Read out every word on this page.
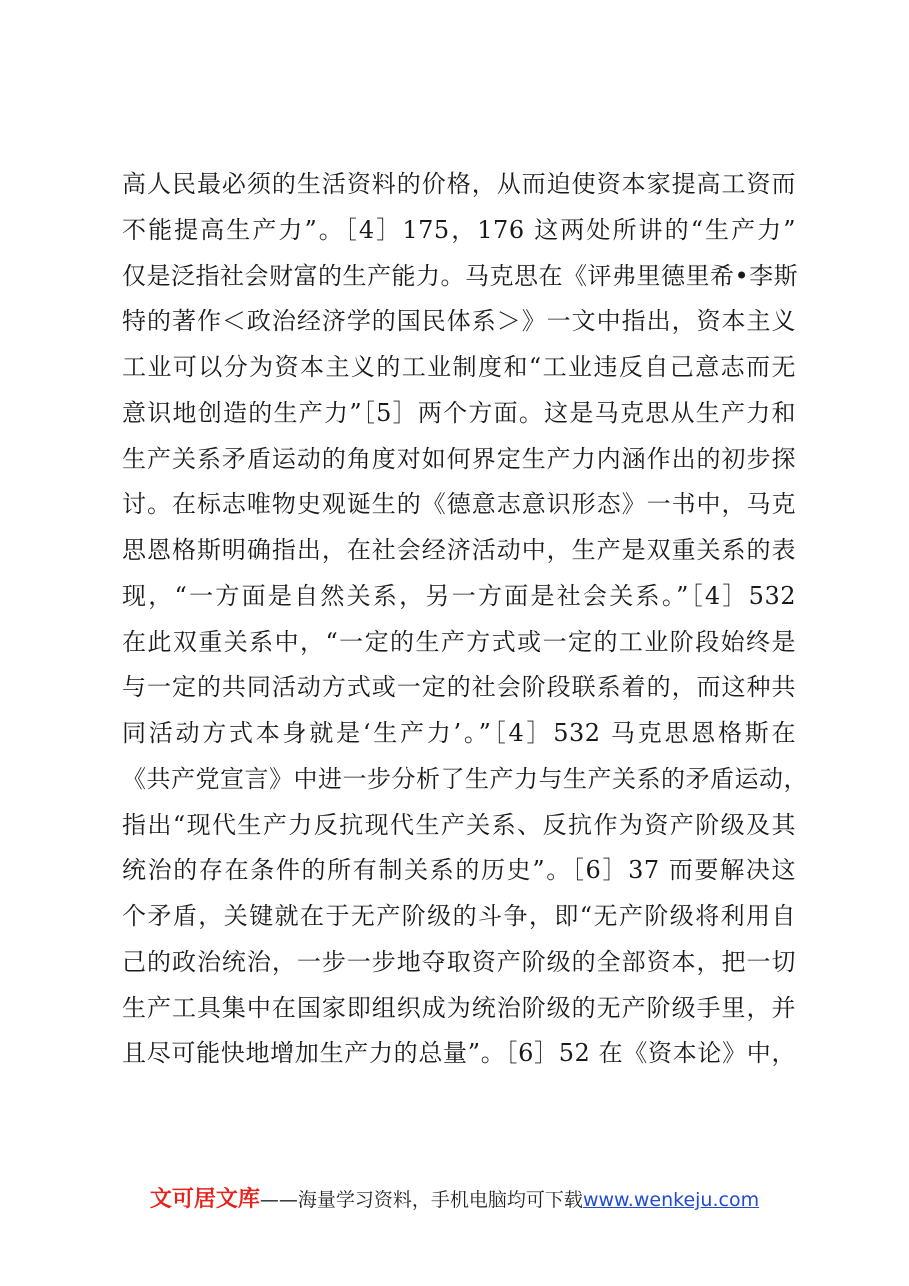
高人民最必须的生活资料的价格，从而迫使资本家提高工资而
不能提高生产力”。［4］175，176 这两处所讲的“生产力”
仅是泛指社会财富的生产能力。马克思在《评弗里德里希•李斯
特的著作＜政治经济学的国民体系＞》一文中指出，资本主义
工业可以分为资本主义的工业制度和“工业违反自己意志而无
意识地创造的生产力”［5］两个方面。这是马克思从生产力和
生产关系矛盾运动的角度对如何界定生产力内涵作出的初步探
讨。在标志唯物史观诞生的《德意志意识形态》一书中，马克
思恩格斯明确指出，在社会经济活动中，生产是双重关系的表
现，“一方面是自然关系，另一方面是社会关系。”［4］532
在此双重关系中，“一定的生产方式或一定的工业阶段始终是
与一定的共同活动方式或一定的社会阶段联系着的，而这种共
同活动方式本身就是‘生产力’。”［4］532 马克思恩格斯在
《共产党宣言》中进一步分析了生产力与生产关系的矛盾运动，
指出“现代生产力反抗现代生产关系、反抗作为资产阶级及其
统治的存在条件的所有制关系的历史”。［6］37 而要解决这
个矛盾，关键就在于无产阶级的斗争，即“无产阶级将利用自
己的政治统治，一步一步地夺取资产阶级的全部资本，把一切
生产工具集中在国家即组织成为统治阶级的无产阶级手里，并
且尽可能快地增加生产力的总量”。［6］52 在《资本论》中，
文可居文库——海量学习资料，手机电脑均可下载www.wenkeju.com
